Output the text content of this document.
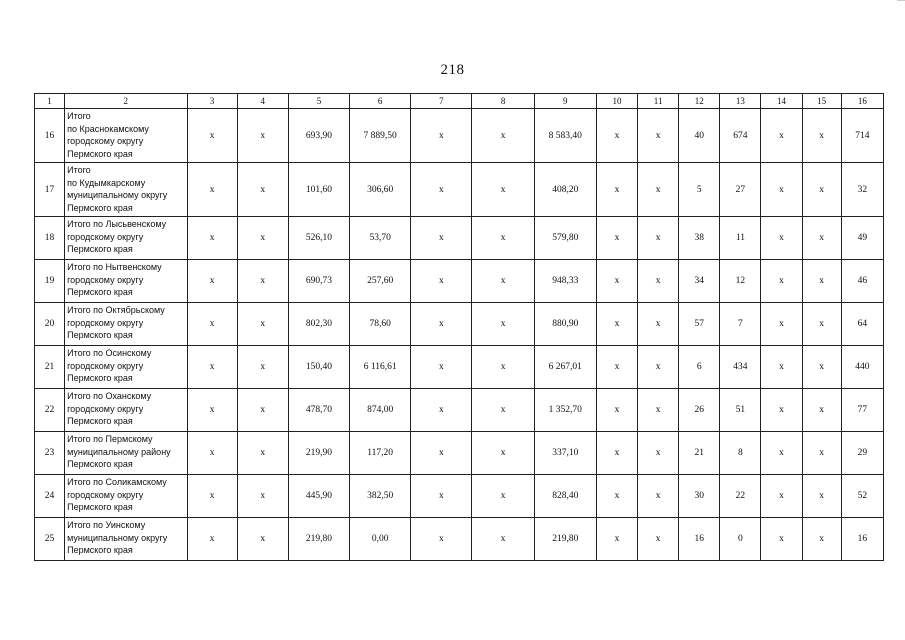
218
1	2	3	4	5	6	7	8	9	10	11	12	13	14	15	16
16	Итого
по Краснокамскому
городскому округу
Пермского края	х	х	693,90	7 889,50	х	х	8 583,40	х	х	40	674	х	х	714
17	Итого
по Кудымкарскому
муниципальному округу
Пермского края	х	х	101,60	306,60	х	х	408,20	х	х	5	27	х	х	32
18	Итого по Лысьвенскому
городскому округу
Пермского края	х	х	526,10	53,70	х	х	579,80	х	х	38	11	х	х	49
19	Итого по Нытвенскому
городскому округу
Пермского края	х	х	690,73	257,60	х	х	948,33	х	х	34	12	х	х	46
20	Итого по Октябрьскому
городскому округу
Пермского края	х	х	802,30	78,60	х	х	880,90	х	х	57	7	х	х	64
21	Итого по Осинскому
городскому округу
Пермского края	х	х	150,40	6 116,61	х	х	6 267,01	х	х	6	434	х	х	440
22	Итого по Оханскому
городскому округу
Пермского края	х	х	478,70	874,00	х	х	1 352,70	х	х	26	51	х	х	77
23	Итого по Пермскому
муниципальному району
Пермского края	х	х	219,90	117,20	х	х	337,10	х	х	21	8	х	х	29
24	Итого по Соликамскому
городскому округу
Пермского края	х	х	445,90	382,50	х	х	828,40	х	х	30	22	х	х	52
25	Итого по Уинскому
муниципальному округу
Пермского края	х	х	219,80	0,00	х	х	219,80	х	х	16	0	х	х	16
